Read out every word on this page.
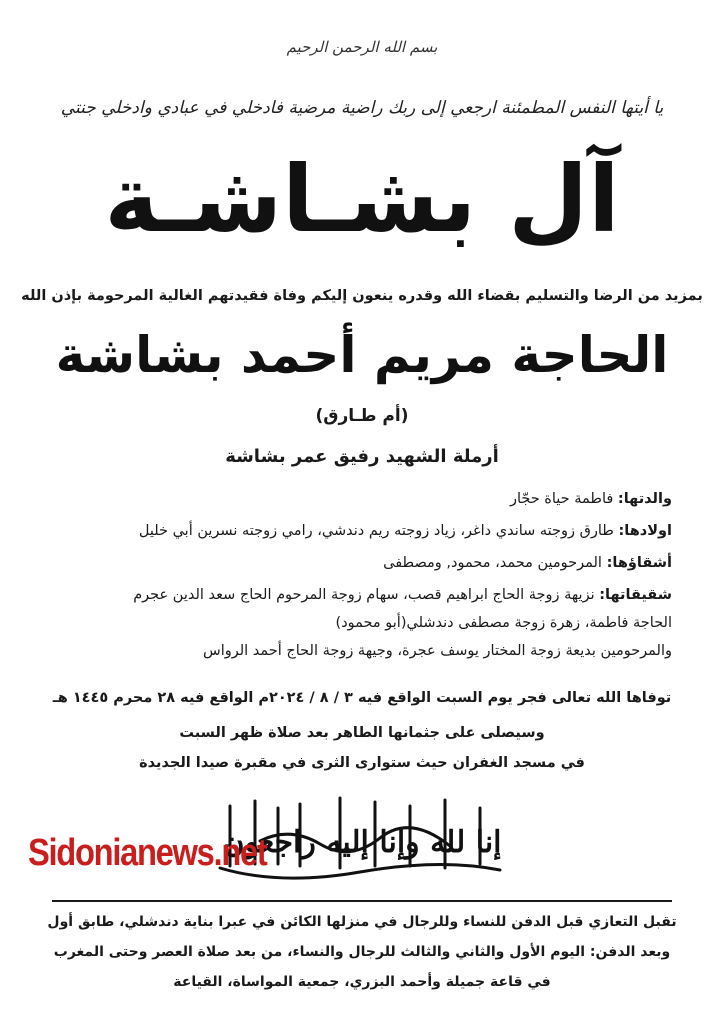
بسم الله الرحمن الرحيم
يا أيتها النفس المطمئنة ارجعي إلى ربك راضية مرضية فادخلي في عبادي وادخلي جنتي
آل بشـاشـة
بمزيد من الرضا والتسليم بقضاء الله وقدره ينعون إليكم وفاة فقيدتهم الغالية المرحومة بإذن الله
الحاجة مريم أحمد بشاشة
(أم طـارق)
أرملة الشهيد رفيق عمر بشاشة
والدتها: فاطمة حياة حجّار
اولادها: طارق زوجته ساندي داغر، زياد زوجته ريم دندشي، رامي زوجته نسرين أبي خليل
أشقاؤها: المرحومين محمد، محمود, ومصطفى
شقيقاتها: نزيهة زوجة الحاج ابراهيم قصب، سهام زوجة المرحوم الحاج سعد الدين عجرم
الحاجة فاطمة، زهرة زوجة مصطفى دندشلي(أبو محمود)
والمرحومين بديعة زوجة المختار يوسف عجرة، وجيهة زوجة الحاج أحمد الرواس
توفاها الله تعالى فجر يوم السبت الواقع فيه ٣ / ٨ / ٢٠٢٤م الواقع فيه ٢٨ محرم ١٤٤٥ هـ
وسيصلى على جثمانها الطاهر بعد صلاة ظهر السبت
في مسجد الغفران حيث ستوارى الثرى في مقبرة صيدا الجديدة
إنا لله وإنا إليه راجعون
Sidonianews.net
تقبل التعازي قبل الدفن للنساء وللرجال في منزلها الكائن في عبرا بناية دندشلي، طابق أول
وبعد الدفن: اليوم الأول والثاني والثالث للرجال والنساء، من بعد صلاة العصر وحتى المغرب
في قاعة جميلة وأحمد البزري، جمعية المواساة، القياعة
